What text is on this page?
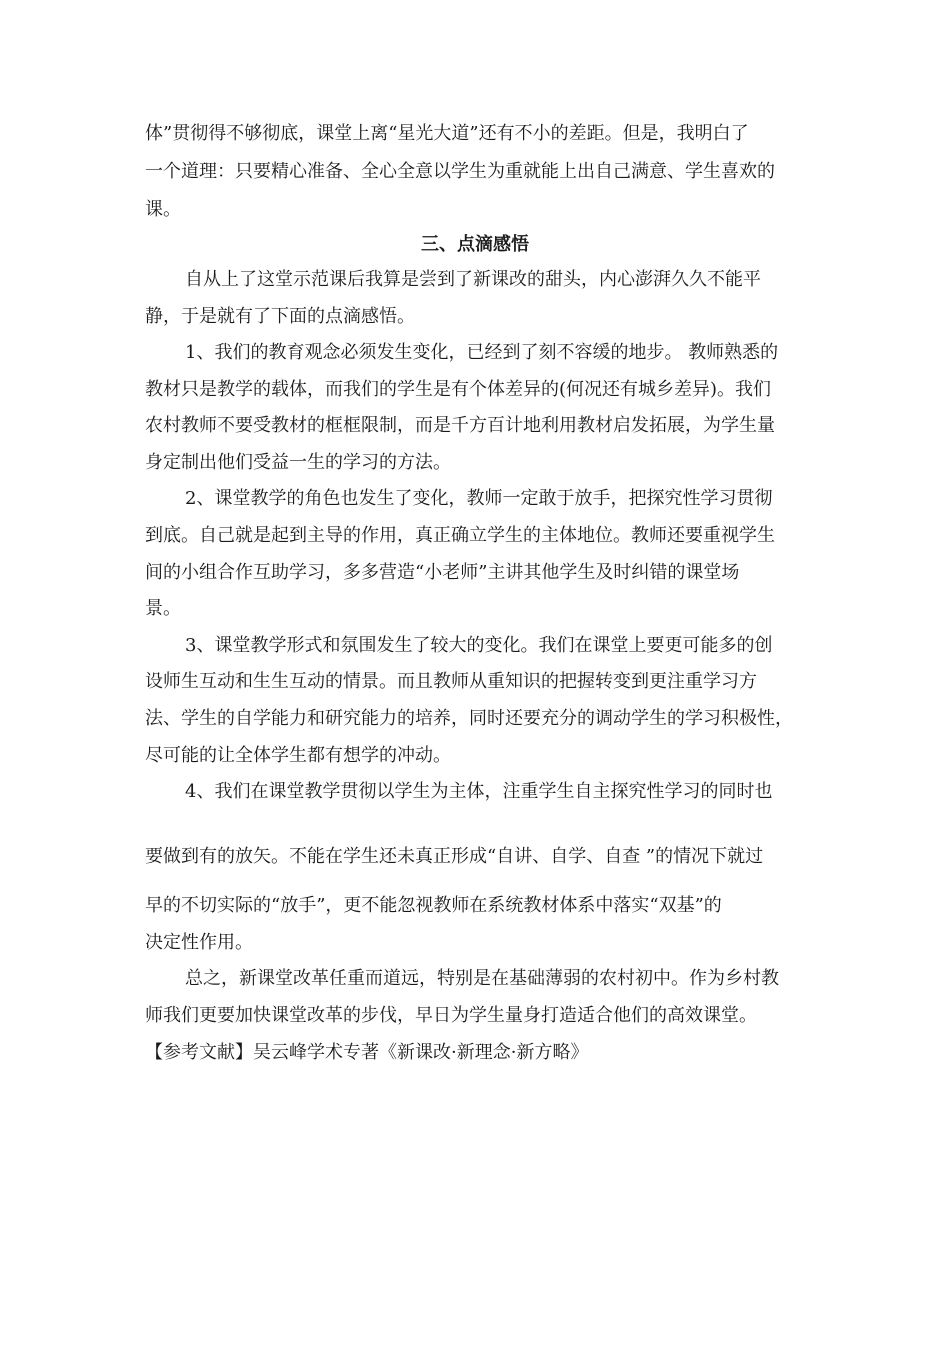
体”贯彻得不够彻底，课堂上离“星光大道”还有不小的差距。但是，我明白了
一个道理：只要精心准备、全心全意以学生为重就能上出自己满意、学生喜欢的
课。
三、点滴感悟
自从上了这堂示范课后我算是尝到了新课改的甜头，内心澎湃久久不能平
静，于是就有了下面的点滴感悟。
1、我们的教育观念必须发生变化，已经到了刻不容缓的地步。 教师熟悉的
教材只是教学的载体，而我们的学生是有个体差异的(何况还有城乡差异)。我们
农村教师不要受教材的框框限制，而是千方百计地利用教材启发拓展，为学生量
身定制出他们受益一生的学习的方法。
2、课堂教学的角色也发生了变化，教师一定敢于放手，把探究性学习贯彻
到底。自己就是起到主导的作用，真正确立学生的主体地位。教师还要重视学生
间的小组合作互助学习，多多营造“小老师”主讲其他学生及时纠错的课堂场
景。
3、课堂教学形式和氛围发生了较大的变化。我们在课堂上要更可能多的创
设师生互动和生生互动的情景。而且教师从重知识的把握转变到更注重学习方
法、学生的自学能力和研究能力的培养，同时还要充分的调动学生的学习积极性，
尽可能的让全体学生都有想学的冲动。
4、我们在课堂教学贯彻以学生为主体，注重学生自主探究性学习的同时也
要做到有的放矢。不能在学生还未真正形成“自讲、自学、自查 ”的情况下就过
早的不切实际的“放手”，更不能忽视教师在系统教材体系中落实“双基”的
决定性作用。
总之，新课堂改革任重而道远，特别是在基础薄弱的农村初中。作为乡村教
师我们更要加快课堂改革的步伐，早日为学生量身打造适合他们的高效课堂。
【参考文献】吴云峰学术专著《新课改·新理念·新方略》
